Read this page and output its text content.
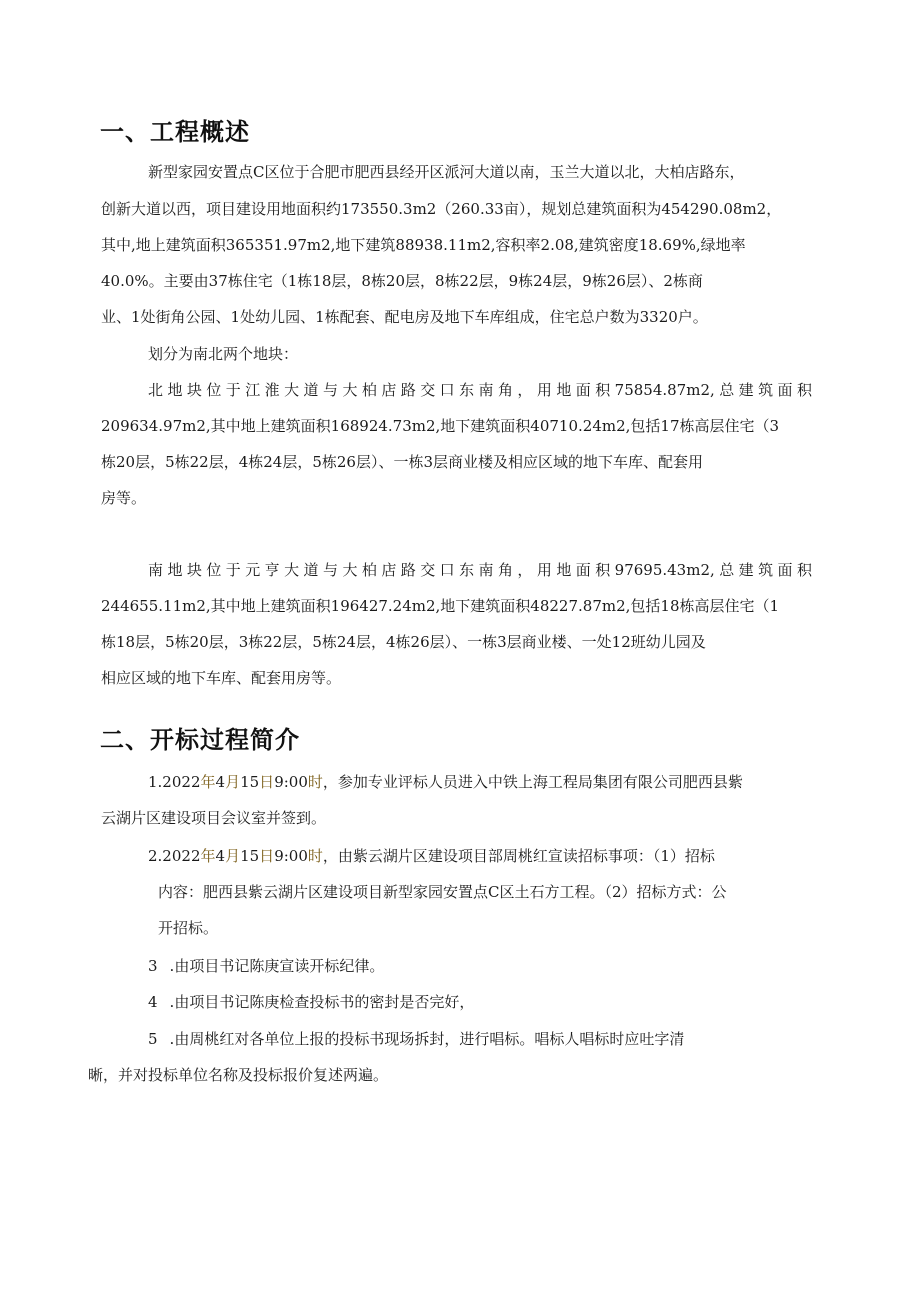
一、工程概述

新型家园安置点C区位于合肥市肥西县经开区派河大道以南，玉兰大道以北，大柏店路东，

创新大道以西，项目建设用地面积约173550.3m2（260.33亩），规划总建筑面积为454290.08m2，

其中,地上建筑面积365351.97m2,地下建筑88938.11m2,容积率2.08,建筑密度18.69%,绿地率

40.0%。主要由37栋住宅（1栋18层，8栋20层，8栋22层，9栋24层，9栋26层）、2栋商

业、1处街角公园、1处幼儿园、1栋配套、配电房及地下车库组成，住宅总户数为3320户。

划分为南北两个地块：

北地块位于江淮大道与大柏店路交口东南角，用地面积75854.87m2,总建筑面积

209634.97m2,其中地上建筑面积168924.73m2,地下建筑面积40710.24m2,包括17栋高层住宅（3

栋20层，5栋22层，4栋24层，5栋26层）、一栋3层商业楼及相应区域的地下车库、配套用

房等。

南地块位于元亨大道与大柏店路交口东南角，用地面积97695.43m2,总建筑面积

244655.11m2,其中地上建筑面积196427.24m2,地下建筑面积48227.87m2,包括18栋高层住宅（1

栋18层，5栋20层，3栋22层，5栋24层，4栋26层）、一栋3层商业楼、一处12班幼儿园及

相应区域的地下车库、配套用房等。

二、开标过程简介

1.2022年4月15日9:00时，参加专业评标人员进入中铁上海工程局集团有限公司肥西县紫

云湖片区建设项目会议室并签到。

2.2022年4月15日9:00时，由紫云湖片区建设项目部周桃红宣读招标事项：（1）招标

内容：肥西县紫云湖片区建设项目新型家园安置点C区土石方工程。（2）招标方式：公

开招标。

3 .由项目书记陈庚宣读开标纪律。

4 .由项目书记陈庚检查投标书的密封是否完好，

5 .由周桃红对各单位上报的投标书现场拆封，进行唱标。唱标人唱标时应吐字清

晰，并对投标单位名称及投标报价复述两遍。
